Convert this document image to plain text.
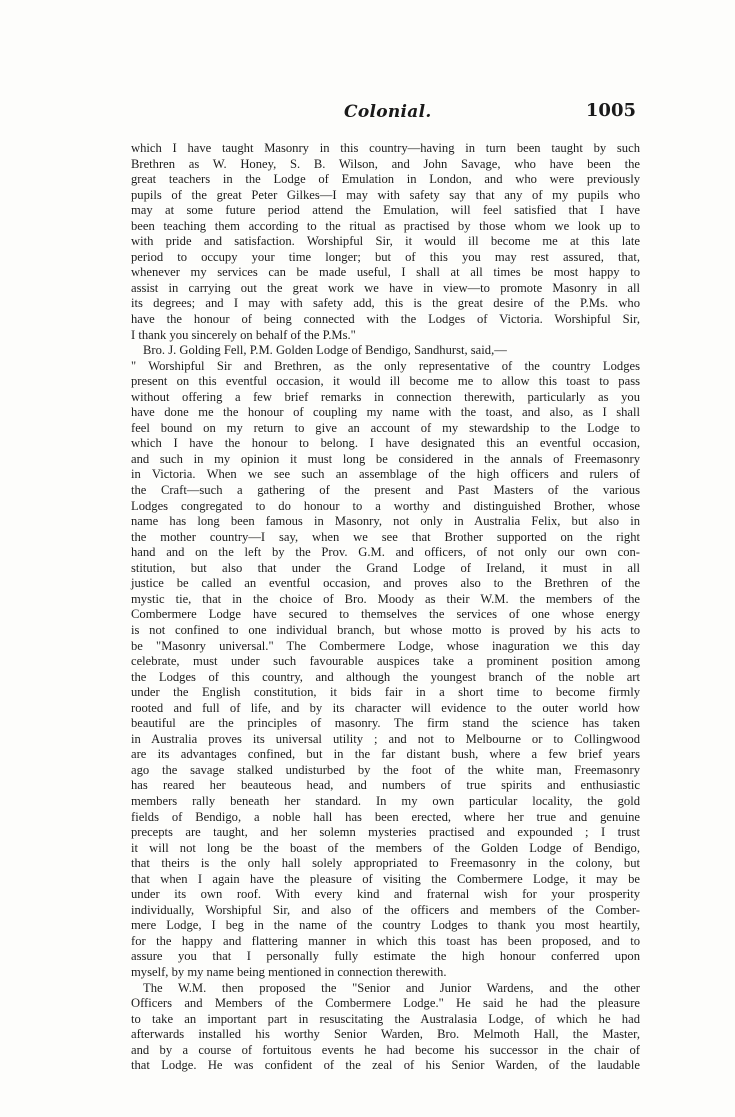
Colonial.	1005
which I have taught Masonry in this country—having in turn been taught by such
Brethren as W. Honey, S. B. Wilson, and John Savage, who have been the
great teachers in the Lodge of Emulation in London, and who were previously
pupils of the great Peter Gilkes—I may with safety say that any of my pupils who
may at some future period attend the Emulation, will feel satisfied that I have
been teaching them according to the ritual as practised by those whom we look up to
with pride and satisfaction. Worshipful Sir, it would ill become me at this late
period to occupy your time longer; but of this you may rest assured, that,
whenever my services can be made useful, I shall at all times be most happy to
assist in carrying out the great work we have in view—to promote Masonry in all
its degrees; and I may with safety add, this is the great desire of the P.Ms. who
have the honour of being connected with the Lodges of Victoria. Worshipful Sir,
I thank you sincerely on behalf of the P.Ms."
Bro. J. Golding Fell, P.M. Golden Lodge of Bendigo, Sandhurst, said,—
" Worshipful Sir and Brethren, as the only representative of the country Lodges
present on this eventful occasion, it would ill become me to allow this toast to pass
without offering a few brief remarks in connection therewith, particularly as you
have done me the honour of coupling my name with the toast, and also, as I shall
feel bound on my return to give an account of my stewardship to the Lodge to
which I have the honour to belong. I have designated this an eventful occasion,
and such in my opinion it must long be considered in the annals of Freemasonry
in Victoria. When we see such an assemblage of the high officers and rulers of
the Craft—such a gathering of the present and Past Masters of the various
Lodges congregated to do honour to a worthy and distinguished Brother, whose
name has long been famous in Masonry, not only in Australia Felix, but also in
the mother country—I say, when we see that Brother supported on the right
hand and on the left by the Prov. G.M. and officers, of not only our own con-
stitution, but also that under the Grand Lodge of Ireland, it must in all
justice be called an eventful occasion, and proves also to the Brethren of the
mystic tie, that in the choice of Bro. Moody as their W.M. the members of the
Combermere Lodge have secured to themselves the services of one whose energy
is not confined to one individual branch, but whose motto is proved by his acts to
be "Masonry universal." The Combermere Lodge, whose inaguration we this day
celebrate, must under such favourable auspices take a prominent position among
the Lodges of this country, and although the youngest branch of the noble art
under the English constitution, it bids fair in a short time to become firmly
rooted and full of life, and by its character will evidence to the outer world how
beautiful are the principles of masonry. The firm stand the science has taken
in Australia proves its universal utility ; and not to Melbourne or to Collingwood
are its advantages confined, but in the far distant bush, where a few brief years
ago the savage stalked undisturbed by the foot of the white man, Freemasonry
has reared her beauteous head, and numbers of true spirits and enthusiastic
members rally beneath her standard. In my own particular locality, the gold
fields of Bendigo, a noble hall has been erected, where her true and genuine
precepts are taught, and her solemn mysteries practised and expounded ; I trust
it will not long be the boast of the members of the Golden Lodge of Bendigo,
that theirs is the only hall solely appropriated to Freemasonry in the colony, but
that when I again have the pleasure of visiting the Combermere Lodge, it may be
under its own roof. With every kind and fraternal wish for your prosperity
individually, Worshipful Sir, and also of the officers and members of the Comber-
mere Lodge, I beg in the name of the country Lodges to thank you most heartily,
for the happy and flattering manner in which this toast has been proposed, and to
assure you that I personally fully estimate the high honour conferred upon
myself, by my name being mentioned in connection therewith.
The W.M. then proposed the "Senior and Junior Wardens, and the other
Officers and Members of the Combermere Lodge." He said he had the pleasure
to take an important part in resuscitating the Australasia Lodge, of which he had
afterwards installed his worthy Senior Warden, Bro. Melmoth Hall, the Master,
and by a course of fortuitous events he had become his successor in the chair of
that Lodge. He was confident of the zeal of his Senior Warden, of the laudable
